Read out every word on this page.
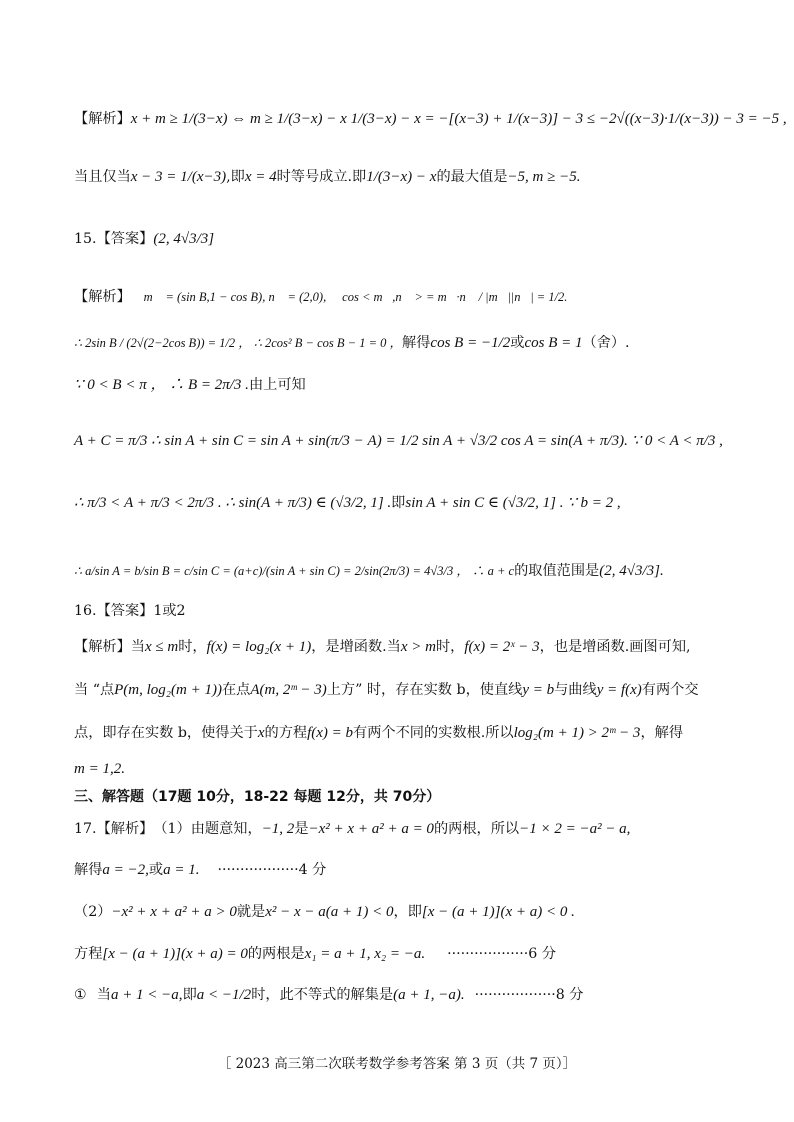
【解析】 x + m ≥ 1/(3−x) ⇔ m ≥ 1/(3−x) − x 1/(3−x) − x = −[(x−3) + 1/(x−3)] − 3 ≤ −2√((x−3)·1/(x−3)) − 3 = −5 ,
当且仅当 x − 3 = 1/(x−3) ,即 x = 4 时等号成立.即 1/(3−x) − x 的最大值是 −5, m ≥ −5.
15. 【答案】 (2, 4√3/3]
【解析】 ∵ m⃗ = (sin B,1 − cos B), n⃗ = (2,0), ∴ cos < m⃗,n⃗ > = m⃗·n⃗ / |m⃗||n⃗| = 1/2.
∴ 2sin B / (2√(2−2cos B)) = 1/2 ， ∴ 2cos² B − cos B − 1 = 0 ， 解得 cos B = −1/2 或 cos B = 1 （舍）.
∵ 0 < B < π ， ∴ B = 2π/3 . 由上可知
A + C = π/3 ∴ sin A + sin C = sin A + sin(π/3 − A) = 1/2 sin A + √3/2 cos A = sin(A + π/3). ∵ 0 < A < π/3 ,
∴ π/3 < A + π/3 < 2π/3 . ∴ sin(A + π/3) ∈ (√3/2, 1] . 即 sin A + sin C ∈ (√3/2, 1] . ∵ b = 2 ,
∴ a/sin A = b/sin B = c/sin C = (a+c)/(sin A + sin C) = 2/sin(2π/3) = 4√3/3 ， ∴ a + c 的取值范围是 (2, 4√3/3].
16. 【答案】 1或2
【解析】 当 x ≤ m 时， f(x) = log₂(x + 1) ，是增函数.当 x > m 时， f(x) = 2ˣ − 3 ，也是增函数.画图可知,
当 “点 P(m, log₂(m + 1)) 在点 A(m, 2ᵐ − 3) 上方” 时，存在实数 b，使直线 y = b 与曲线 y = f(x) 有两个交
点，即存在实数 b，使得关于 x 的方程 f(x) = b 有两个不同的实数根.所以 log₂(m + 1) > 2ᵐ − 3 ，解得
m = 1,2.
三、解答题（17题 10分，18-22 每题 12分，共 70分）
17. 【解析】 （1）由题意知， −1, 2 是 −x² + x + a² + a = 0 的两根，所以 −1 × 2 = −a² − a,
解得 a = −2, 或 a = 1. ··················4 分
（2） −x² + x + a² + a > 0 就是 x² − x − a(a + 1) < 0 ，即 [x − (a + 1)](x + a) < 0 .
方程 [x − (a + 1)](x + a) = 0 的两根是 x₁ = a + 1, x₂ = −a. ··················6 分
① 当 a + 1 < −a, 即 a < −1/2 时，此不等式的解集是 (a + 1, −a). ··················8 分
［ 2023 高三第二次联考数学参考答案 第 3 页（共 7 页）］
